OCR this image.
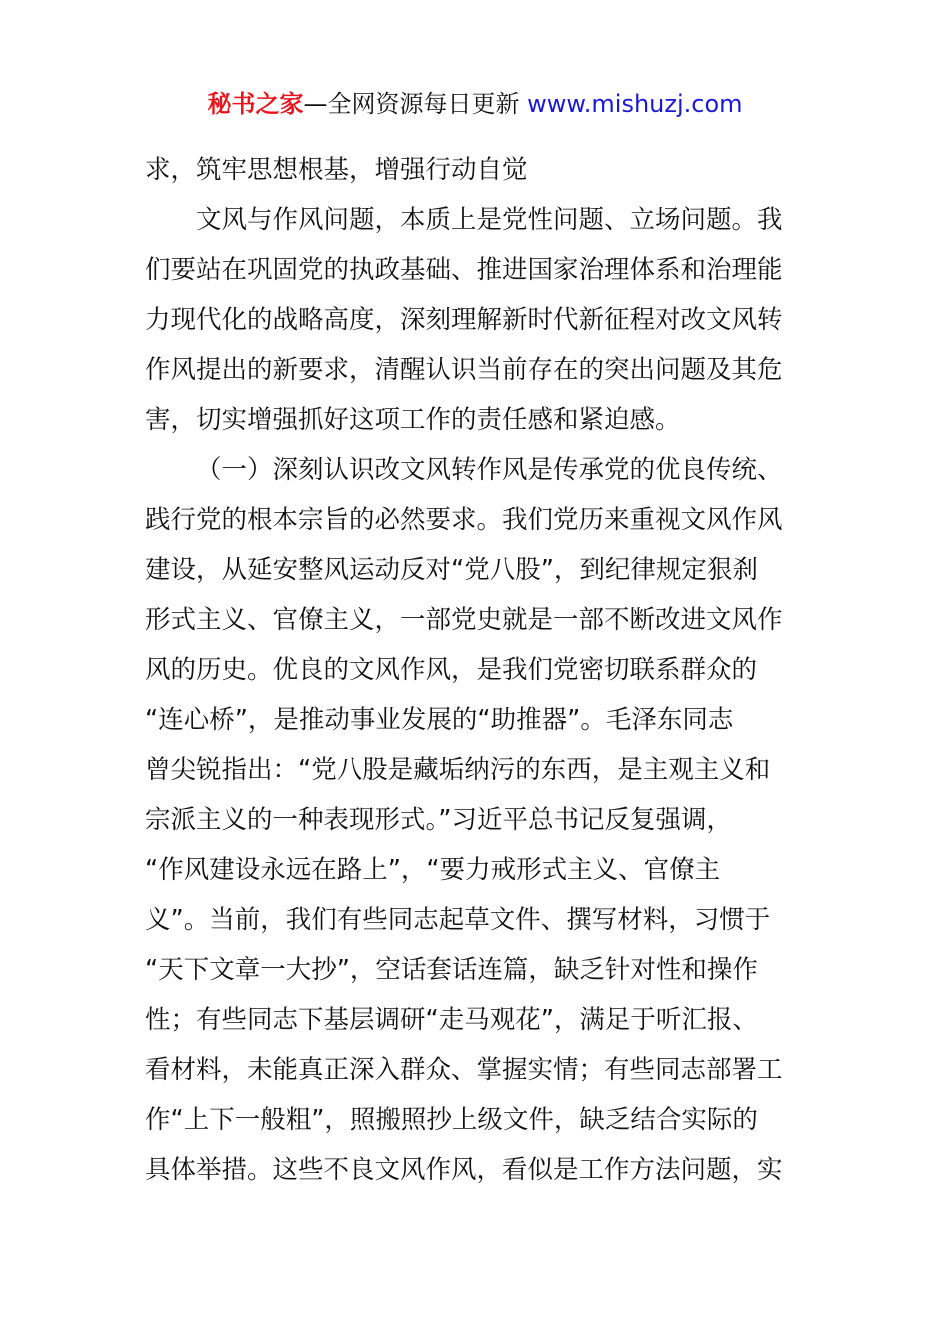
秘书之家—全网资源每日更新 www.mishuzj.com
求，筑牢思想根基，增强行动自觉
文风与作风问题，本质上是党性问题、立场问题。我
们要站在巩固党的执政基础、推进国家治理体系和治理能
力现代化的战略高度，深刻理解新时代新征程对改文风转
作风提出的新要求，清醒认识当前存在的突出问题及其危
害，切实增强抓好这项工作的责任感和紧迫感。
（一）深刻认识改文风转作风是传承党的优良传统、
践行党的根本宗旨的必然要求。我们党历来重视文风作风
建设，从延安整风运动反对“党八股”，到纪律规定狠刹
形式主义、官僚主义，一部党史就是一部不断改进文风作
风的历史。优良的文风作风，是我们党密切联系群众的
“连心桥”，是推动事业发展的“助推器”。毛泽东同志
曾尖锐指出：“党八股是藏垢纳污的东西，是主观主义和
宗派主义的一种表现形式。”习近平总书记反复强调，
“作风建设永远在路上”，“要力戒形式主义、官僚主
义”。当前，我们有些同志起草文件、撰写材料，习惯于
“天下文章一大抄”，空话套话连篇，缺乏针对性和操作
性；有些同志下基层调研“走马观花”，满足于听汇报、
看材料，未能真正深入群众、掌握实情；有些同志部署工
作“上下一般粗”，照搬照抄上级文件，缺乏结合实际的
具体举措。这些不良文风作风，看似是工作方法问题，实
